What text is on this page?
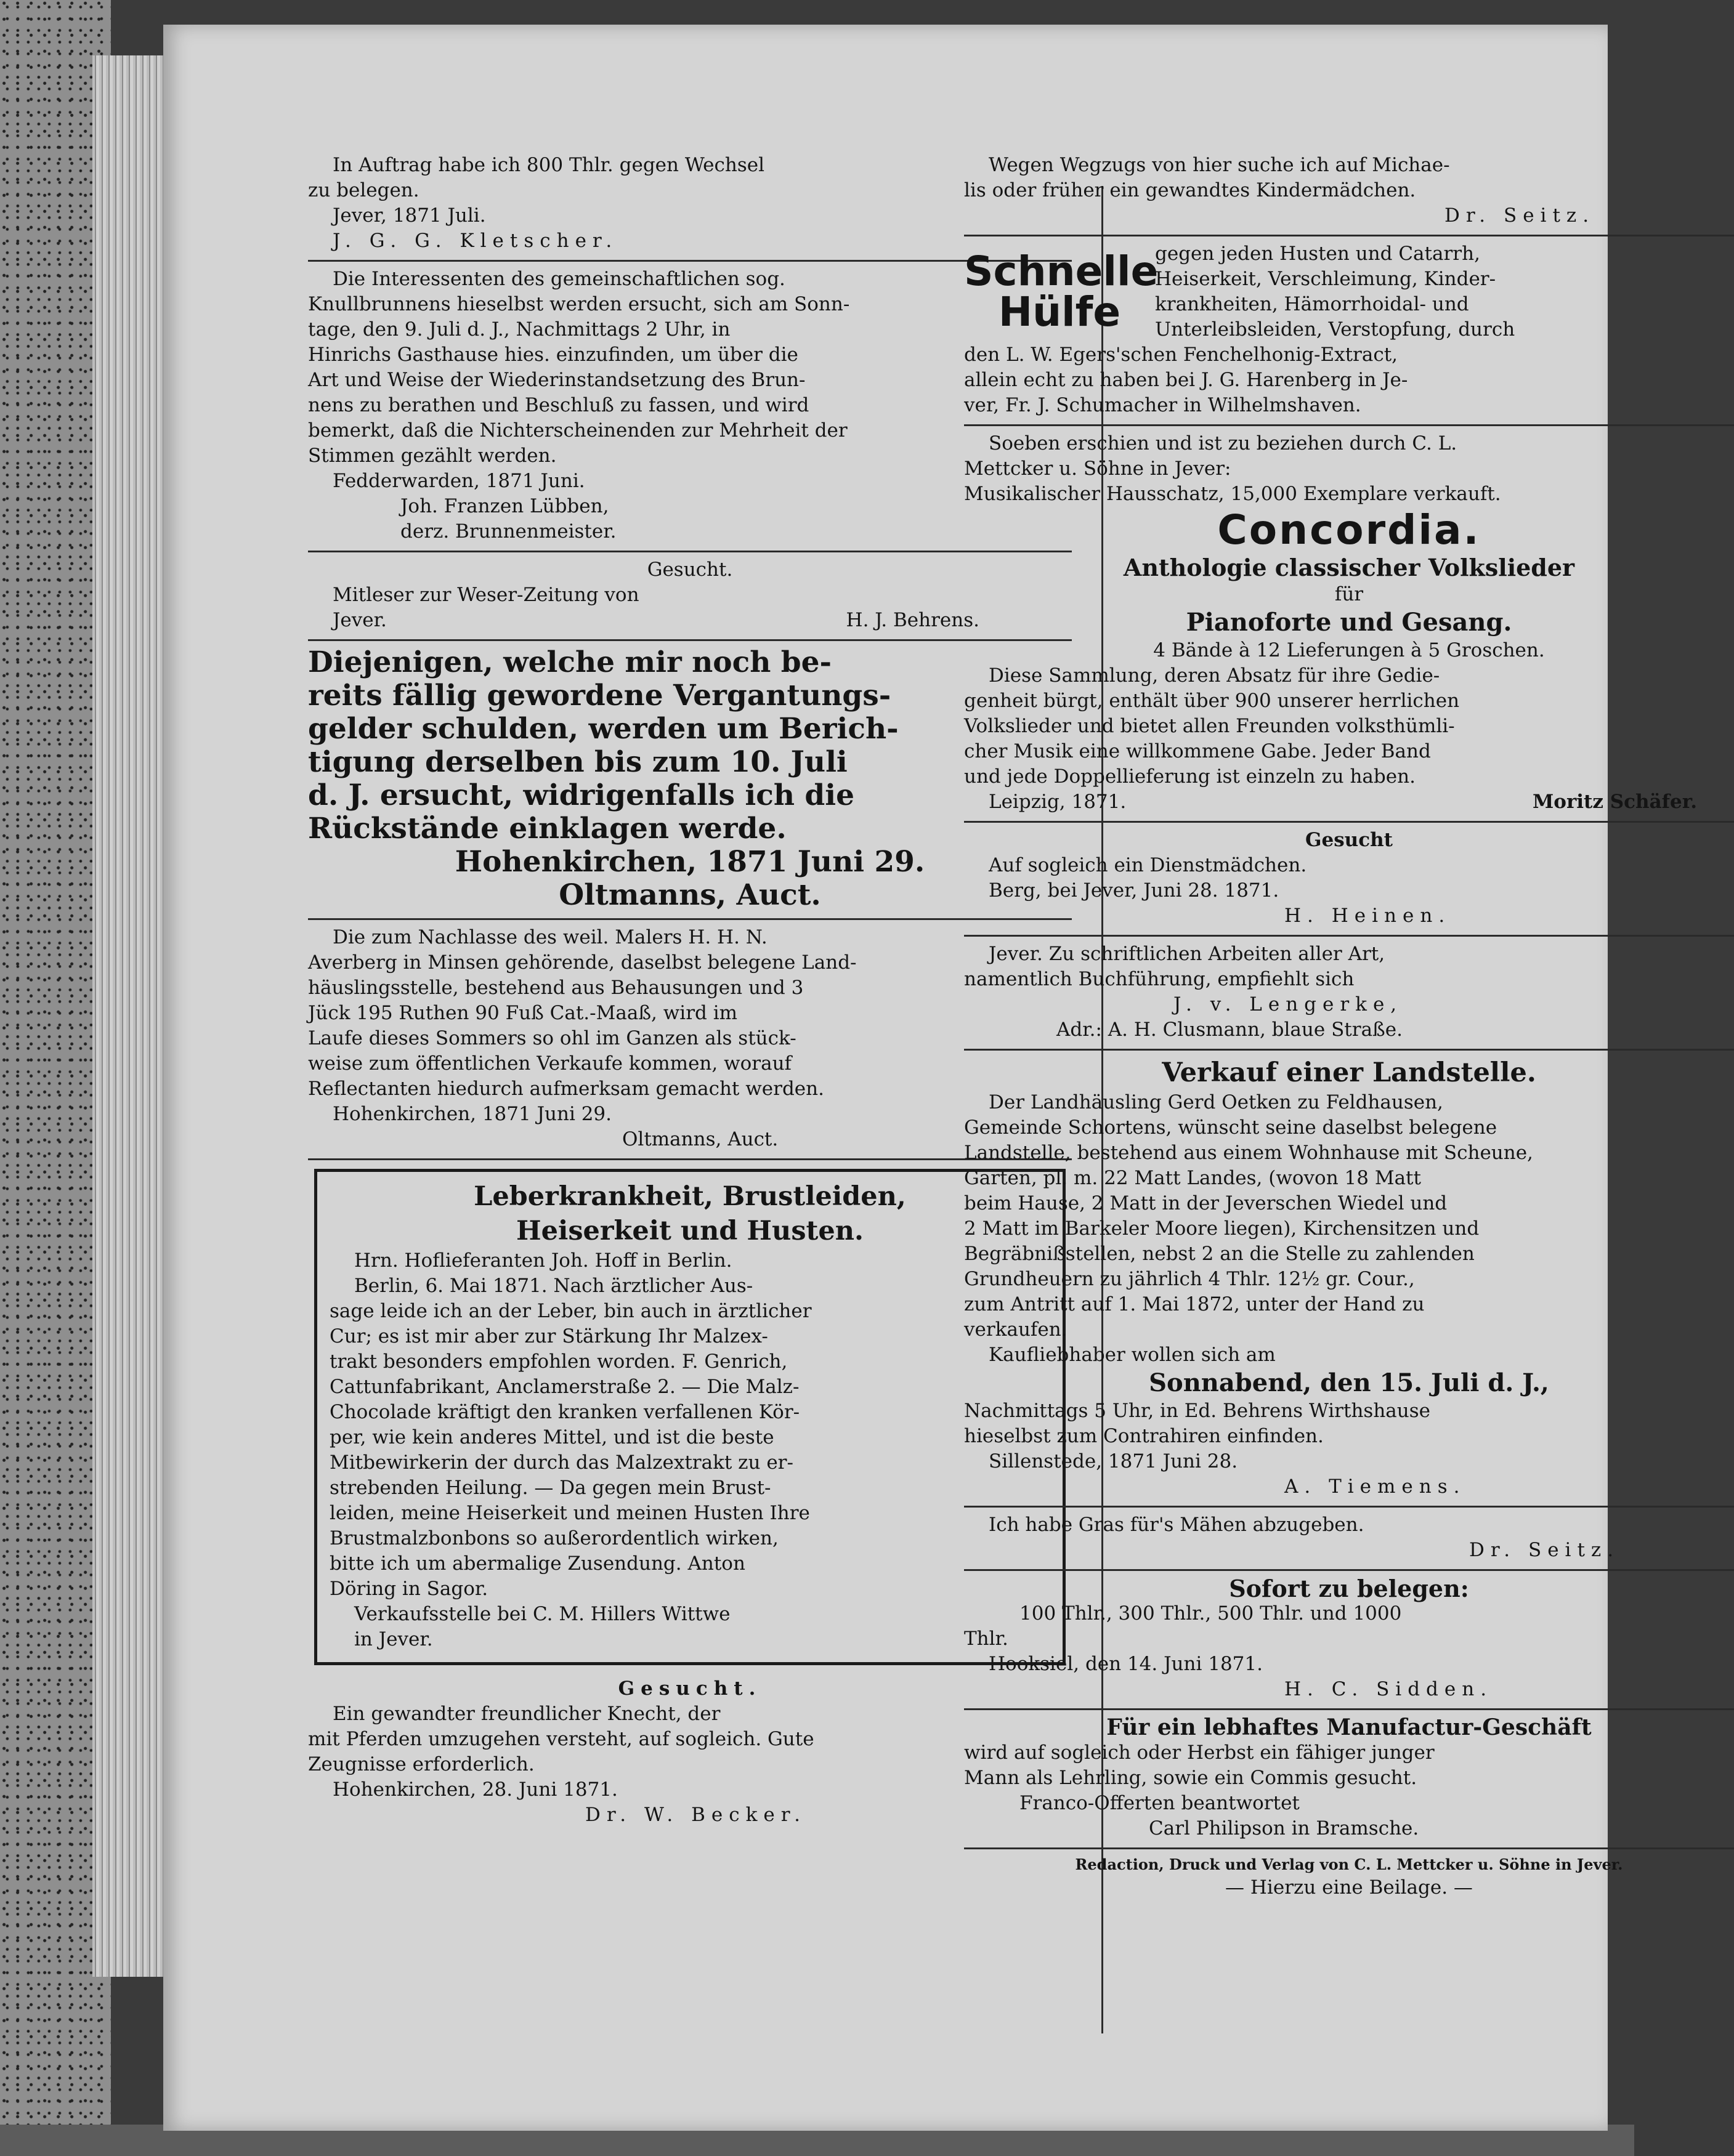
In Auftrag habe ich 800 Thlr. gegen Wechsel
zu belegen.
Jever, 1871 Juli.
J. G. G. Kletscher.
Die Interessenten des gemeinschaftlichen sog.
Knullbrunnens hieselbst werden ersucht, sich am Sonn-
tage, den 9. Juli d. J., Nachmittags 2 Uhr, in
Hinrichs Gasthause hies. einzufinden, um über die
Art und Weise der Wiederinstandsetzung des Brun-
nens zu berathen und Beschluß zu fassen, und wird
bemerkt, daß die Nichterscheinenden zur Mehrheit der
Stimmen gezählt werden.
Fedderwarden, 1871 Juni.
Joh. Franzen Lübben,
derz. Brunnenmeister.
Gesucht.
Mitleser zur Weser-Zeitung von
Jever.	H. J. Behrens.
Diejenigen, welche mir noch be-
reits fällig gewordene Vergantungs-
gelder schulden, werden um Berich-
tigung derselben bis zum 10. Juli
d. J. ersucht, widrigenfalls ich die
Rückstände einklagen werde.
Hohenkirchen, 1871 Juni 29.
Oltmanns, Auct.
Die zum Nachlasse des weil. Malers H. H. N.
Averberg in Minsen gehörende, daselbst belegene Land-
häuslingsstelle, bestehend aus Behausungen und 3
Jück 195 Ruthen 90 Fuß Cat.-Maaß, wird im
Laufe dieses Sommers so ohl im Ganzen als stück-
weise zum öffentlichen Verkaufe kommen, worauf
Reflectanten hiedurch aufmerksam gemacht werden.
Hohenkirchen, 1871 Juni 29.
Oltmanns, Auct.
Leberkrankheit, Brustleiden,
Heiserkeit und Husten.
Hrn. Hoflieferanten Joh. Hoff in Berlin.
Berlin, 6. Mai 1871. Nach ärztlicher Aus-
sage leide ich an der Leber, bin auch in ärztlicher
Cur; es ist mir aber zur Stärkung Ihr Malzex-
trakt besonders empfohlen worden. F. Genrich,
Cattunfabrikant, Anclamerstraße 2. — Die Malz-
Chocolade kräftigt den kranken verfallenen Kör-
per, wie kein anderes Mittel, und ist die beste
Mitbewirkerin der durch das Malzextrakt zu er-
strebenden Heilung. — Da gegen mein Brust-
leiden, meine Heiserkeit und meinen Husten Ihre
Brustmalzbonbons so außerordentlich wirken,
bitte ich um abermalige Zusendung. Anton
Döring in Sagor.
Verkaufsstelle bei C. M. Hillers Wittwe
in Jever.
Gesucht.
Ein gewandter freundlicher Knecht, der
mit Pferden umzugehen versteht, auf sogleich. Gute
Zeugnisse erforderlich.
Hohenkirchen, 28. Juni 1871.
Dr. W. Becker.
Wegen Wegzugs von hier suche ich auf Michae-
lis oder früher ein gewandtes Kindermädchen.
Dr. Seitz.
Schnelle
Hülfe
gegen jeden Husten und Catarrh,
Heiserkeit, Verschleimung, Kinder-
krankheiten, Hämorrhoidal- und
Unterleibsleiden, Verstopfung, durch
den L. W. Egers'schen Fenchelhonig-Extract,
allein echt zu haben bei J. G. Harenberg in Je-
ver, Fr. J. Schumacher in Wilhelmshaven.
Soeben erschien und ist zu beziehen durch C. L.
Mettcker u. Söhne in Jever:
Musikalischer Hausschatz, 15,000 Exemplare verkauft.
Concordia.
Anthologie classischer Volkslieder
für
Pianoforte und Gesang.
4 Bände à 12 Lieferungen à 5 Groschen.
Diese Sammlung, deren Absatz für ihre Gedie-
genheit bürgt, enthält über 900 unserer herrlichen
Volkslieder und bietet allen Freunden volksthümli-
cher Musik eine willkommene Gabe. Jeder Band
und jede Doppellieferung ist einzeln zu haben.
Leipzig, 1871.	Moritz Schäfer.
Gesucht
Auf sogleich ein Dienstmädchen.
Berg, bei Jever, Juni 28. 1871.
H. Heinen.
Jever. Zu schriftlichen Arbeiten aller Art,
namentlich Buchführung, empfiehlt sich
J. v. Lengerke,
Adr.: A. H. Clusmann, blaue Straße.
Verkauf einer Landstelle.
Der Landhäusling Gerd Oetken zu Feldhausen,
Gemeinde Schortens, wünscht seine daselbst belegene
Landstelle, bestehend aus einem Wohnhause mit Scheune,
Garten, pl. m. 22 Matt Landes, (wovon 18 Matt
beim Hause, 2 Matt in der Jeverschen Wiedel und
2 Matt im Barkeler Moore liegen), Kirchensitzen und
Begräbnißstellen, nebst 2 an die Stelle zu zahlenden
Grundheuern zu jährlich 4 Thlr. 12½ gr. Cour.,
zum Antritt auf 1. Mai 1872, unter der Hand zu
verkaufen.
Kaufliebhaber wollen sich am
Sonnabend, den 15. Juli d. J.,
Nachmittags 5 Uhr, in Ed. Behrens Wirthshause
hieselbst zum Contrahiren einfinden.
Sillenstede, 1871 Juni 28.
A. Tiemens.
Ich habe Gras für's Mähen abzugeben.
Dr. Seitz.
Sofort zu belegen:
100 Thlr., 300 Thlr., 500 Thlr. und 1000
Thlr.
Hooksiel, den 14. Juni 1871.
H. C. Sidden.
Für ein lebhaftes Manufactur-Geschäft
wird auf sogleich oder Herbst ein fähiger junger
Mann als Lehrling, sowie ein Commis gesucht.
Franco-Offerten beantwortet
Carl Philipson in Bramsche.
Redaction, Druck und Verlag von C. L. Mettcker u. Söhne in Jever.
— Hierzu eine Beilage. —
